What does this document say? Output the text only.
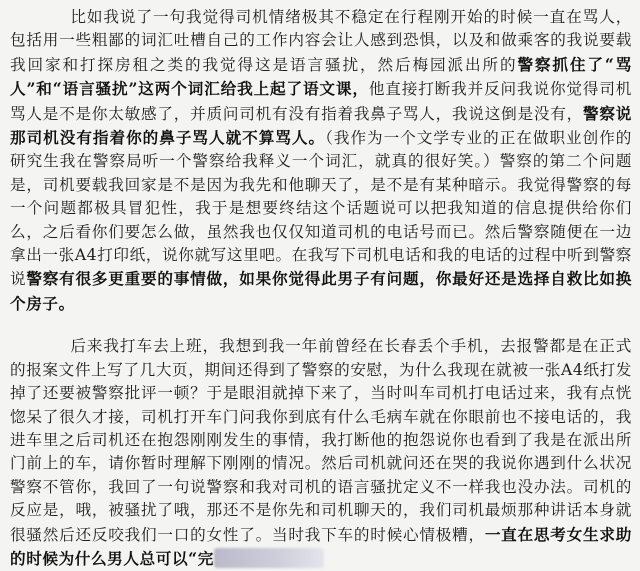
比如我说了一句我觉得司机情绪极其不稳定在行程刚开始的时候一直在骂人，包括用一些粗鄙的词汇吐槽自己的工作内容会让人感到恐惧，以及和做乘客的我说要载我回家和打探房租之类的我觉得这是语言骚扰，然后梅园派出所的警察抓住了“骂人”和“语言骚扰”这两个词汇给我上起了语文课，他直接打断我并反问我说你觉得司机骂人是不是你太敏感了，并质问司机有没有指着我鼻子骂人，我说这倒是没有，警察说那司机没有指着你的鼻子骂人就不算骂人。（我作为一个文学专业的正在做职业创作的研究生我在警察局听一个警察给我释义一个词汇，就真的很好笑。）警察的第二个问题是，司机要载我回家是不是因为我先和他聊天了，是不是有某种暗示。我觉得警察的每一个问题都极具冒犯性，我于是想要终结这个话题说可以把我知道的信息提供给你们么，之后看你们要怎么做，虽然我也仅仅知道司机的电话号而已。然后警察随便在一边拿出一张A4打印纸，说你就写这里吧。在我写下司机电话和我的电话的过程中听到警察说警察有很多更重要的事情做，如果你觉得此男子有问题，你最好还是选择自救比如换个房子。

后来我打车去上班，我想到我一年前曾经在长春丢个手机，去报警都是在正式的报案文件上写了几大页，期间还得到了警察的安慰，为什么我现在就被一张A4纸打发掉了还要被警察批评一顿？于是眼泪就掉下来了，当时叫车司机打电话过来，我有点恍惚呆了很久才接，司机打开车门问我你到底有什么毛病车就在你眼前也不接电话的，我进车里之后司机还在抱怨刚刚发生的事情，我打断他的抱怨说你也看到了我是在派出所门前上的车，请你暂时理解下刚刚的情况。然后司机就问还在哭的我说你遇到什么状况警察不管你，我回了一句说警察和我对司机的语言骚扰定义不一样我也没办法。司机的反应是，哦，被骚扰了哦，那还不是你先和司机聊天的，我们司机最烦那种讲话本身就很骚然后还反咬我们一口的女性了。当时我下车的时候心情极糟，一直在思考女生求助的时候为什么男人总可以“完
